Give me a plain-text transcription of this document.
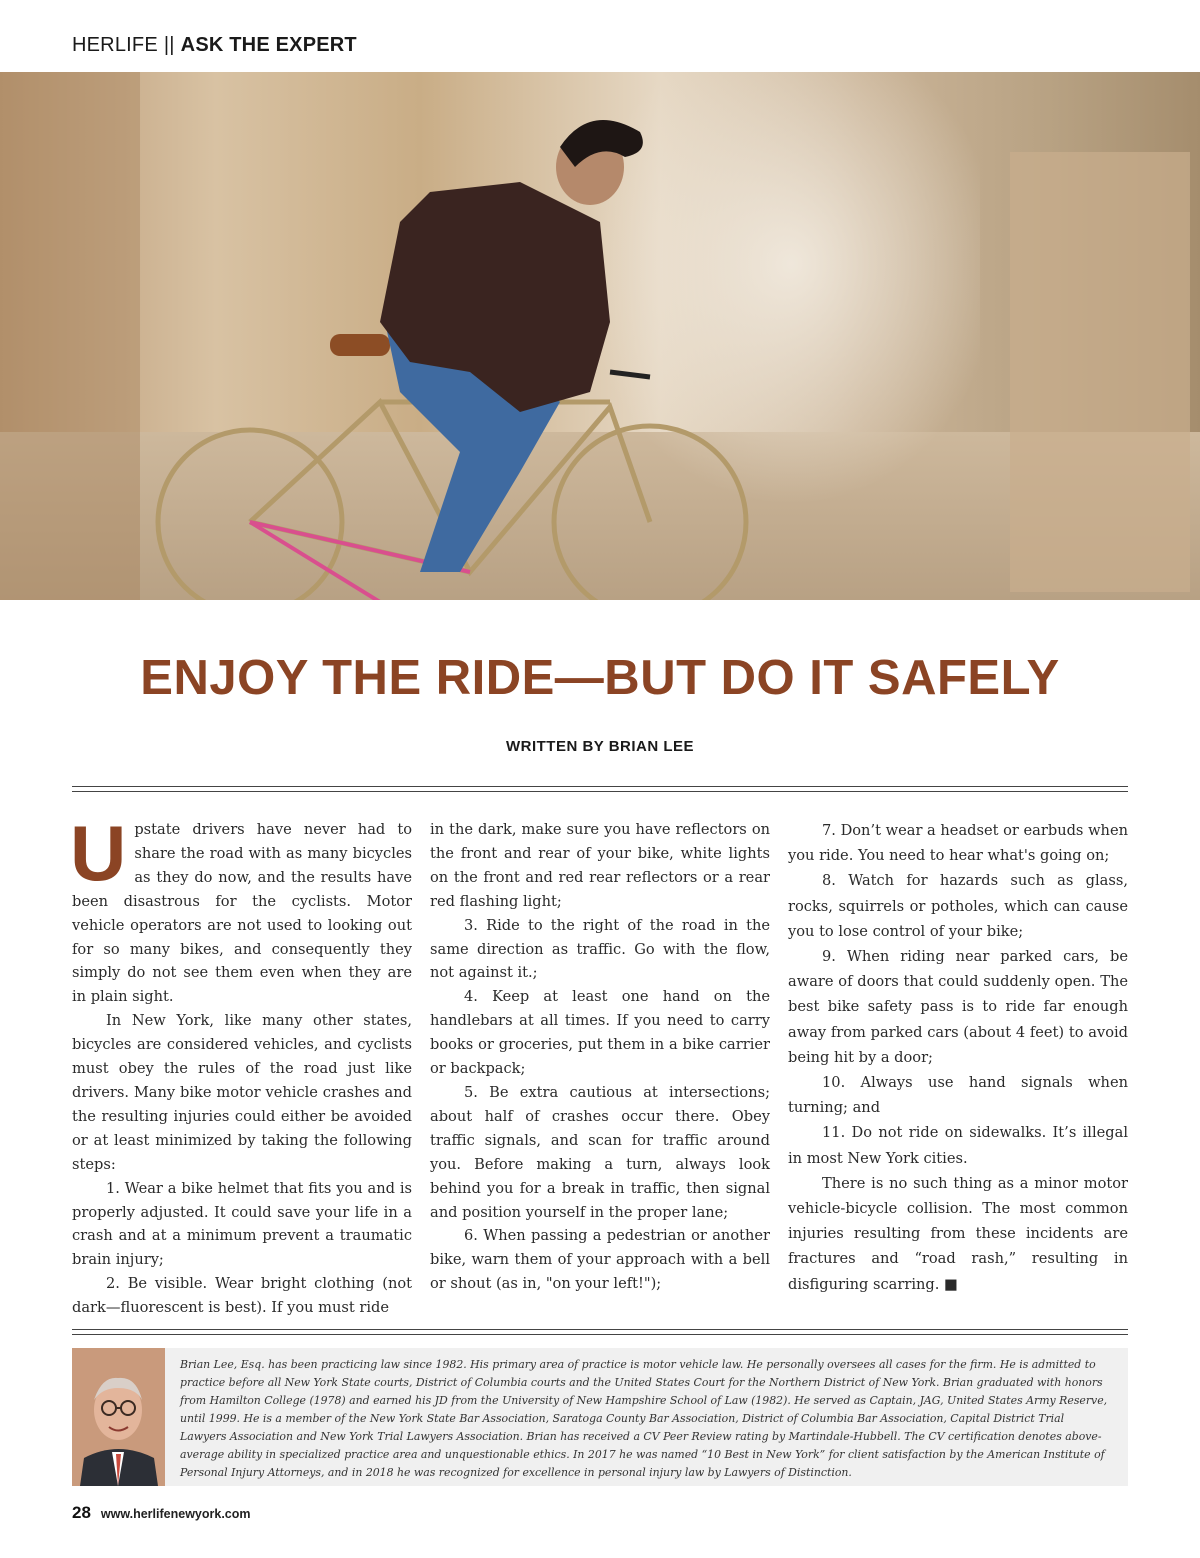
HERLIFE || ASK THE EXPERT
ENJOY THE RIDE—BUT DO IT SAFELY
WRITTEN BY BRIAN LEE

Upstate drivers have never had to share the road with as many bicycles as they do now, and the results have been disastrous for the cyclists. Motor vehicle operators are not used to looking out for so many bikes, and consequently they simply do not see them even when they are in plain sight.

In New York, like many other states, bicycles are considered vehicles, and cyclists must obey the rules of the road just like drivers. Many bike motor vehicle crashes and the resulting injuries could either be avoided or at least minimized by taking the following steps:

1. Wear a bike helmet that fits you and is properly adjusted. It could save your life in a crash and at a minimum prevent a traumatic brain injury;

2. Be visible. Wear bright clothing (not dark—fluorescent is best). If you must ride

in the dark, make sure you have reflectors on the front and rear of your bike, white lights on the front and red rear reflectors or a rear red flashing light;

3. Ride to the right of the road in the same direction as traffic. Go with the flow, not against it.;

4. Keep at least one hand on the handlebars at all times. If you need to carry books or groceries, put them in a bike carrier or backpack;

5. Be extra cautious at intersections; about half of crashes occur there. Obey traffic signals, and scan for traffic around you. Before making a turn, always look behind you for a break in traffic, then signal and position yourself in the proper lane;

6. When passing a pedestrian or another bike, warn them of your approach with a bell or shout (as in, "on your left!");

7. Don’t wear a headset or earbuds when you ride. You need to hear what's going on;

8. Watch for hazards such as glass, rocks, squirrels or potholes, which can cause you to lose control of your bike;

9. When riding near parked cars, be aware of doors that could suddenly open. The best bike safety pass is to ride far enough away from parked cars (about 4 feet) to avoid being hit by a door;

10. Always use hand signals when turning; and

11. Do not ride on sidewalks. It’s illegal in most New York cities.

There is no such thing as a minor motor vehicle-bicycle collision. The most common injuries resulting from these incidents are fractures and “road rash,” resulting in disfiguring scarring. ■

Brian Lee, Esq. has been practicing law since 1982. His primary area of practice is motor vehicle law. He personally oversees all cases for the firm. He is admitted to practice before all New York State courts, District of Columbia courts and the United States Court for the Northern District of New York. Brian graduated with honors from Hamilton College (1978) and earned his JD from the University of New Hampshire School of Law (1982). He served as Captain, JAG, United States Army Reserve, until 1999. He is a member of the New York State Bar Association, Saratoga County Bar Association, District of Columbia Bar Association, Capital District Trial Lawyers Association and New York Trial Lawyers Association. Brian has received a CV Peer Review rating by Martindale-Hubbell. The CV certification denotes above-average ability in specialized practice area and unquestionable ethics. In 2017 he was named “10 Best in New York” for client satisfaction by the American Institute of Personal Injury Attorneys, and in 2018 he was recognized for excellence in personal injury law by Lawyers of Distinction.
28 www.herlifenewyork.com
